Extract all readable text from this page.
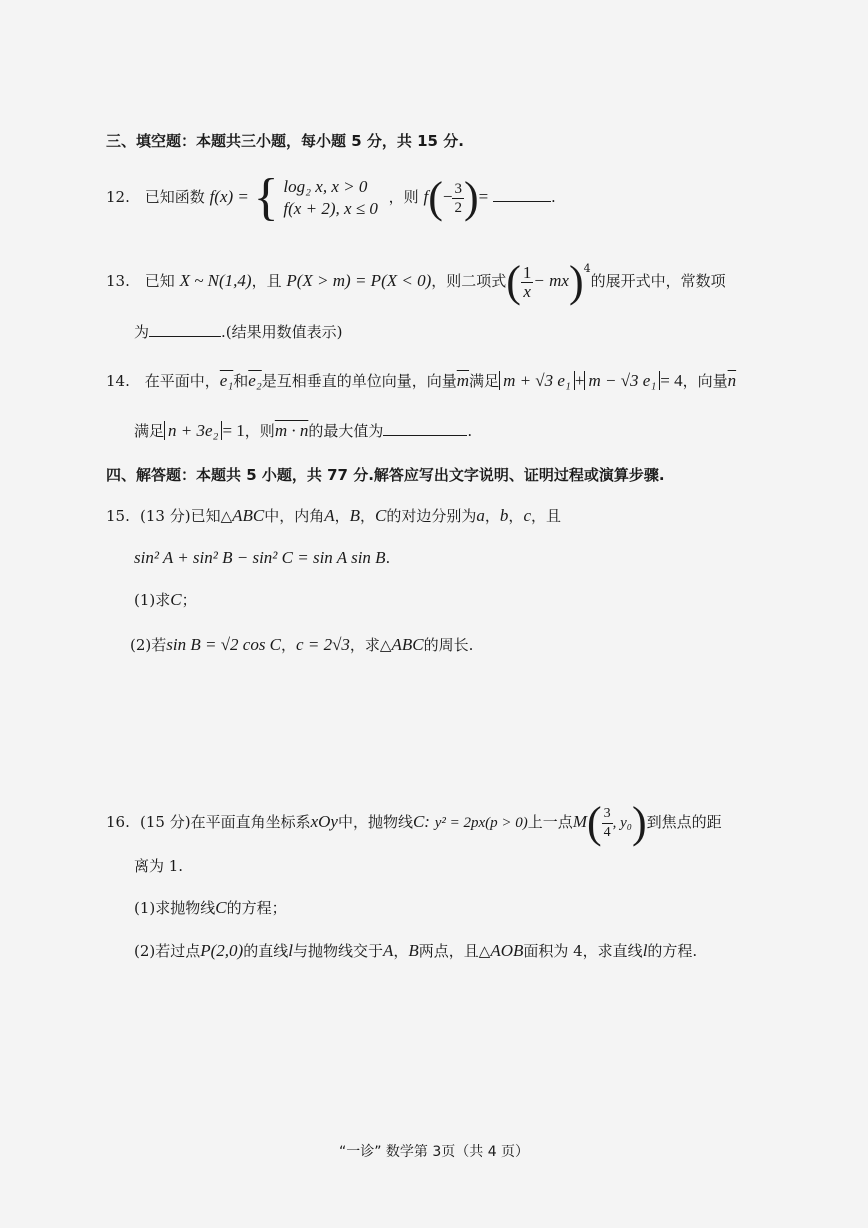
三、填空题：本题共三小题，每小题 5 分，共 15 分.
12. 已知函数 f(x) = { log₂ x, x > 0
f(x + 2), x ≤ 0
，则 $f(- \frac{3}{2}$ )=	.
13. 已知 X ~ N(1,4)，且 P(X > m) = P(X < 0)，则二项式( $\frac{1}{x} - mx)^4$的展开式中，常数项
为	.(结果用数值表示)
14. 在平面中，e₁和e₂是互相垂直的单位向量，向量$\overline{m}$满足 m + √3 e₁ + m − √3 e₁ = 4，向量$\overline{n}$
满足 n + 3e₂ = 1，则m · n的最大值为	.
四、解答题：本题共 5 小题，共 77 分.解答应写出文字说明、证明过程或演算步骤.
15. (13 分)已知△ABC中，内角A，B，C的对边分别为a，b，c，且
sin² A + sin² B − sin² C = sin A sin B.
(1)求C；
(2)若sin B = √2 cos C，c = 2√3，求△ABC的周长.
16. (15 分)在平面直角坐标系xOy中，抛物线C: y² = 2px(p > 0)上一点$M( \frac{3}{4}$ , y₀)到焦点的距
离为 1.
(1)求抛物线C的方程；
(2)若过点P(2,0)的直线l与抛物线交于A，B两点，且△AOB面积为 4，求直线l的方程.
“一诊” 数学第 3页（共 4 页）
